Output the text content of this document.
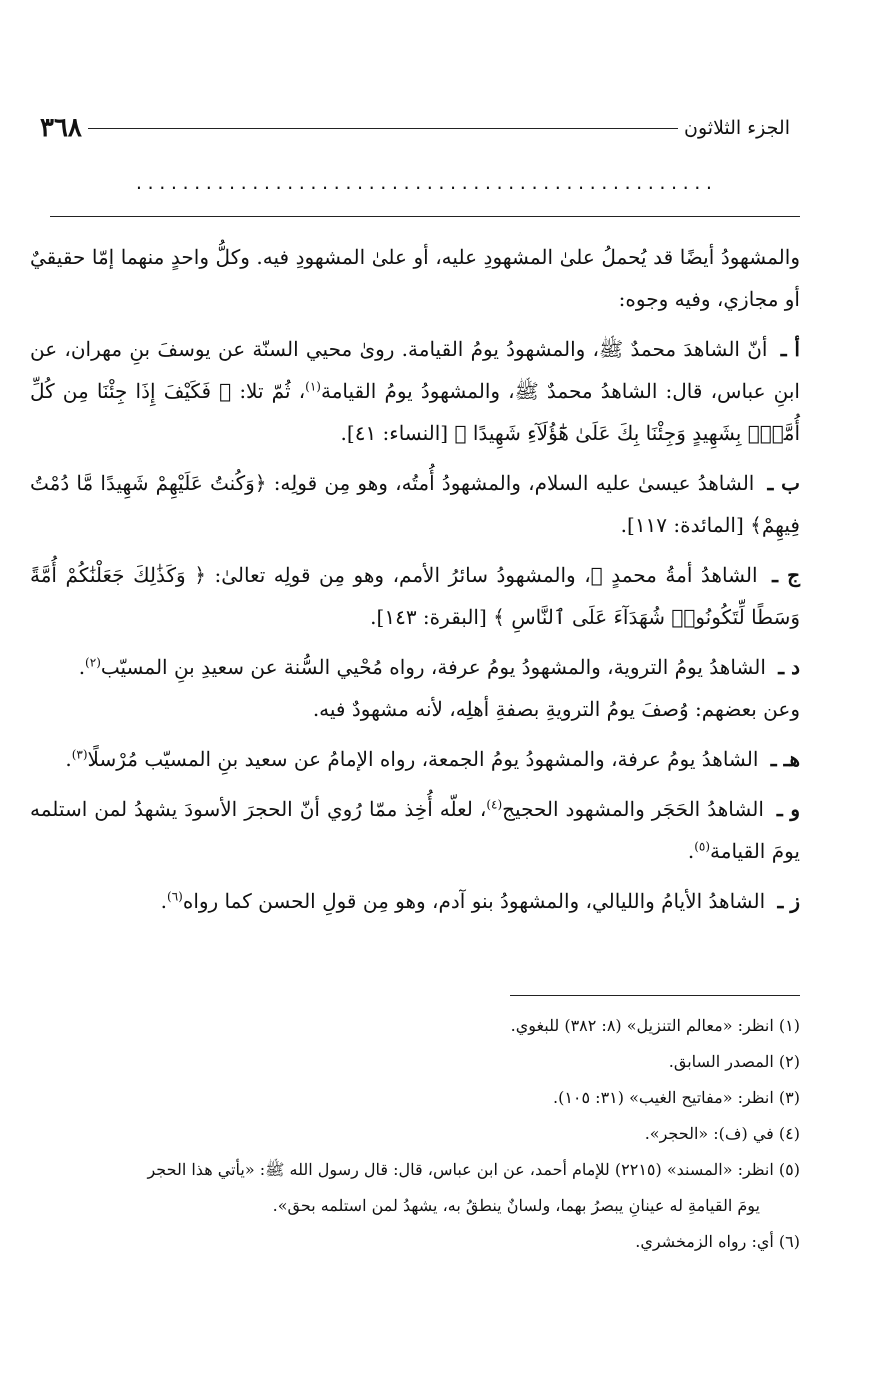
الجزء الثلاثون
٣٦٨
..................................................

والمشهودُ أيضًا قد يُحملُ علىٰ المشهودِ عليه، أو علىٰ المشهودِ فيه. وكلُّ واحدٍ منهما إمّا حقيقيٌ أو مجازي، وفيه وجوه:

أ ـ أنّ الشاهدَ محمدٌ ﷺ، والمشهودُ يومُ القيامة. روىٰ محيي السنّة عن يوسفَ بنِ مهران، عن ابنِ عباس، قال: الشاهدُ محمدٌ ﷺ، والمشهودُ يومُ القيامة$^{(١)}$، ثُمّ تلا: ﴿ فَكَيْفَ إِذَا جِئْنَا مِن كُلِّ أُمَّةٍۭ بِشَهِيدٍ وَجِئْنَا بِكَ عَلَىٰ هَٰٓؤُلَآءِ شَهِيدًا ﴾ [النساء: ٤١].

ب ـ الشاهدُ عيسىٰ عليه السلام، والمشهودُ أُمتُه، وهو مِن قولِه: ﴿وَكُنتُ عَلَيْهِمْ شَهِيدًا مَّا دُمْتُ فِيهِمْ﴾ [المائدة: ١١٧].

ج ـ الشاهدُ أمةُ محمدٍ ﷺ، والمشهودُ سائرُ الأمم، وهو مِن قولِه تعالىٰ: ﴿ وَكَذَٰلِكَ جَعَلْنَٰكُمْ أُمَّةً وَسَطًا لِّتَكُونُوا۟ شُهَدَآءَ عَلَى ٱلنَّاسِ ﴾ [البقرة: ١٤٣].

د ـ الشاهدُ يومُ التروية، والمشهودُ يومُ عرفة، رواه مُحْيي السُّنة عن سعيدِ بنِ المسيّب$^{(٢)}$.
وعن بعضهم: وُصفَ يومُ الترويةِ بصفةِ أهلِه، لأنه مشهودٌ فيه.

هـ ـ الشاهدُ يومُ عرفة، والمشهودُ يومُ الجمعة، رواه الإمامُ عن سعيد بنِ المسيّب مُرْسلًا$^{(٣)}$.

و ـ الشاهدُ الحَجَر والمشهود الحجيج$^{(٤)}$، لعلّه أُخِذ ممّا رُوي أنّ الحجرَ الأسودَ يشهدُ لمن استلمه يومَ القيامة$^{(٥)}$.

ز ـ الشاهدُ الأيامُ والليالي، والمشهودُ بنو آدم، وهو مِن قولِ الحسن كما رواه$^{(٦)}$.

(١) انظر: «معالم التنزيل» (٨: ٣٨٢) للبغوي.

(٢) المصدر السابق.

(٣) انظر: «مفاتيح الغيب» (٣١: ١٠٥).

(٤) في (ف): «الحجر».

(٥) انظر: «المسند» (٢٢١٥) للإمام أحمد، عن ابن عباس، قال: قال رسول الله ﷺ: «يأتي هذا الحجر

يومَ القيامةِ له عينانِ يبصرُ بهما، ولسانٌ ينطقُ به، يشهدُ لمن استلمه بحق».

(٦) أي: رواه الزمخشري.
